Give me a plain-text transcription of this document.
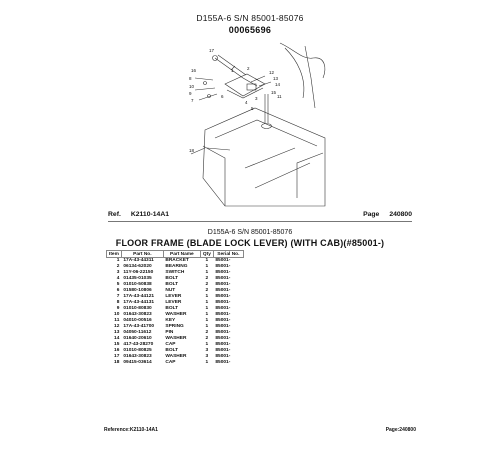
D155A-6 S/N 85001-85076
00065696
17
16
8
10
9
7
12
13
14
15
11
1	2
6	3
4
5
18
Ref. K2110-14A1	Page 240800
D155A-6 S/N 85001-85076
FLOOR FRAME (BLADE LOCK LEVER) (WITH CAB)(#85001-)
Item	Part No.	Part Name	Qty	Serial No.
1	17A-43-44311	BRACKET	1	85001-
2	06134-62020	BEARING	1	85001-
3	11Y-06-22150	SWITCH	1	85001-
4	01435-01035	BOLT	2	85001-
5	01010-50838	BOLT	2	85001-
6	01580-10806	NUT	2	85001-
7	17A-43-44121	LEVER	1	85001-
8	17A-43-44131	LEVER	1	85001-
9	01010-80830	BOLT	1	85001-
10	01643-30823	WASHER	1	85001-
11	04010-00516	KEY	1	85001-
12	17A-43-41700	SPRING	1	85001-
13	04050-11612	PIN	2	85001-
14	01640-20610	WASHER	2	85001-
15	417-43-28270	CAP	1	85001-
16	01010-80825	BOLT	3	85001-
17	01643-30823	WASHER	3	85001-
18	09415-03614	CAP	1	85001-
Reference:K2110-14A1	Page:240800
